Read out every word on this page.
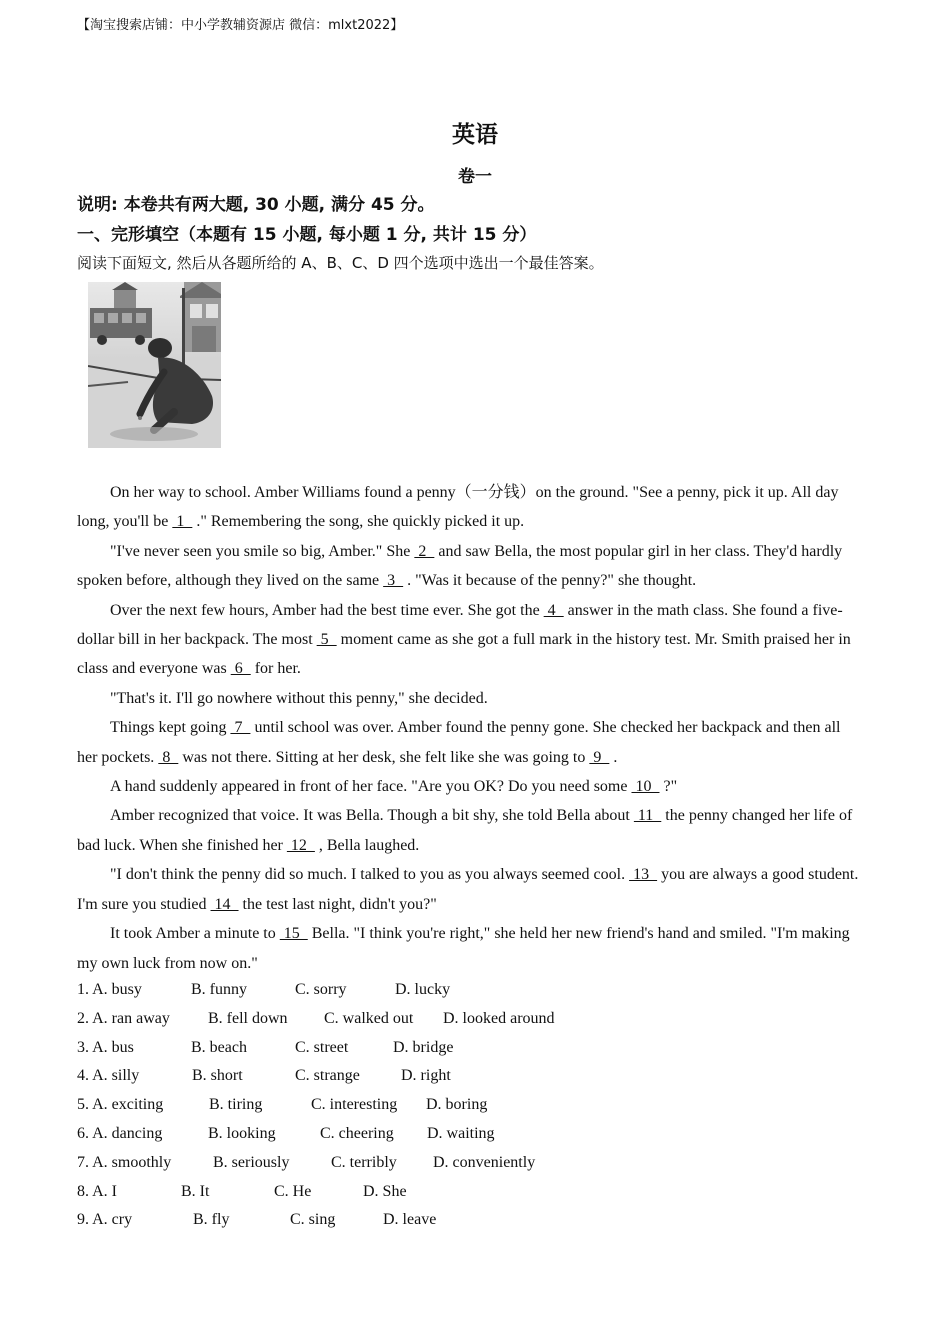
【淘宝搜索店铺：中小学教辅资源店 微信：mlxt2022】
英语
卷一
说明: 本卷共有两大题, 30 小题, 满分 45 分。
一、完形填空（本题有 15 小题, 每小题 1 分, 共计 15 分）
阅读下面短文, 然后从各题所给的 A、B、C、D 四个选项中选出一个最佳答案。

On her way to school. Amber Williams found a penny（一分钱）on the ground. "See a penny, pick it up. All day long, you'll be  1   ." Remembering the song, she quickly picked it up.

"I've never seen you smile so big, Amber." She  2   and saw Bella, the most popular girl in her class. They'd hardly spoken before, although they lived on the same  3   . "Was it because of the penny?" she thought.

Over the next few hours, Amber had the best time ever. She got the  4   answer in the math class. She found a five-dollar bill in her backpack. The most  5   moment came as she got a full mark in the history test. Mr. Smith praised her in class and everyone was  6   for her.

"That's it. I'll go nowhere without this penny," she decided.

Things kept going  7   until school was over. Amber found the penny gone. She checked her backpack and then all her pockets.  8   was not there. Sitting at her desk, she felt like she was going to  9   .

A hand suddenly appeared in front of her face. "Are you OK? Do you need some  10   ?"

Amber recognized that voice. It was Bella. Though a bit shy, she told Bella about  11   the penny changed her life of bad luck. When she finished her  12   , Bella laughed.

"I don't think the penny did so much. I talked to you as you always seemed cool.  13   you are always a good student. I'm sure you studied  14   the test last night, didn't you?"

It took Amber a minute to  15   Bella. "I think you're right," she held her new friend's hand and smiled. "I'm making my own luck from now on."

1. A. busy	B. funny	C. sorry	D. lucky
2. A. ran away	B. fell down	C. walked out	D. looked around
3. A. bus	B. beach	C. street	D. bridge
4. A. silly	B. short	C. strange	D. right
5. A. exciting	B. tiring	C. interesting	D. boring
6. A. dancing	B. looking	C. cheering	D. waiting
7. A. smoothly	B. seriously	C. terribly	D. conveniently
8. A. I	B. It	C. He	D. She
9. A. cry	B. fly	C. sing	D. leave
